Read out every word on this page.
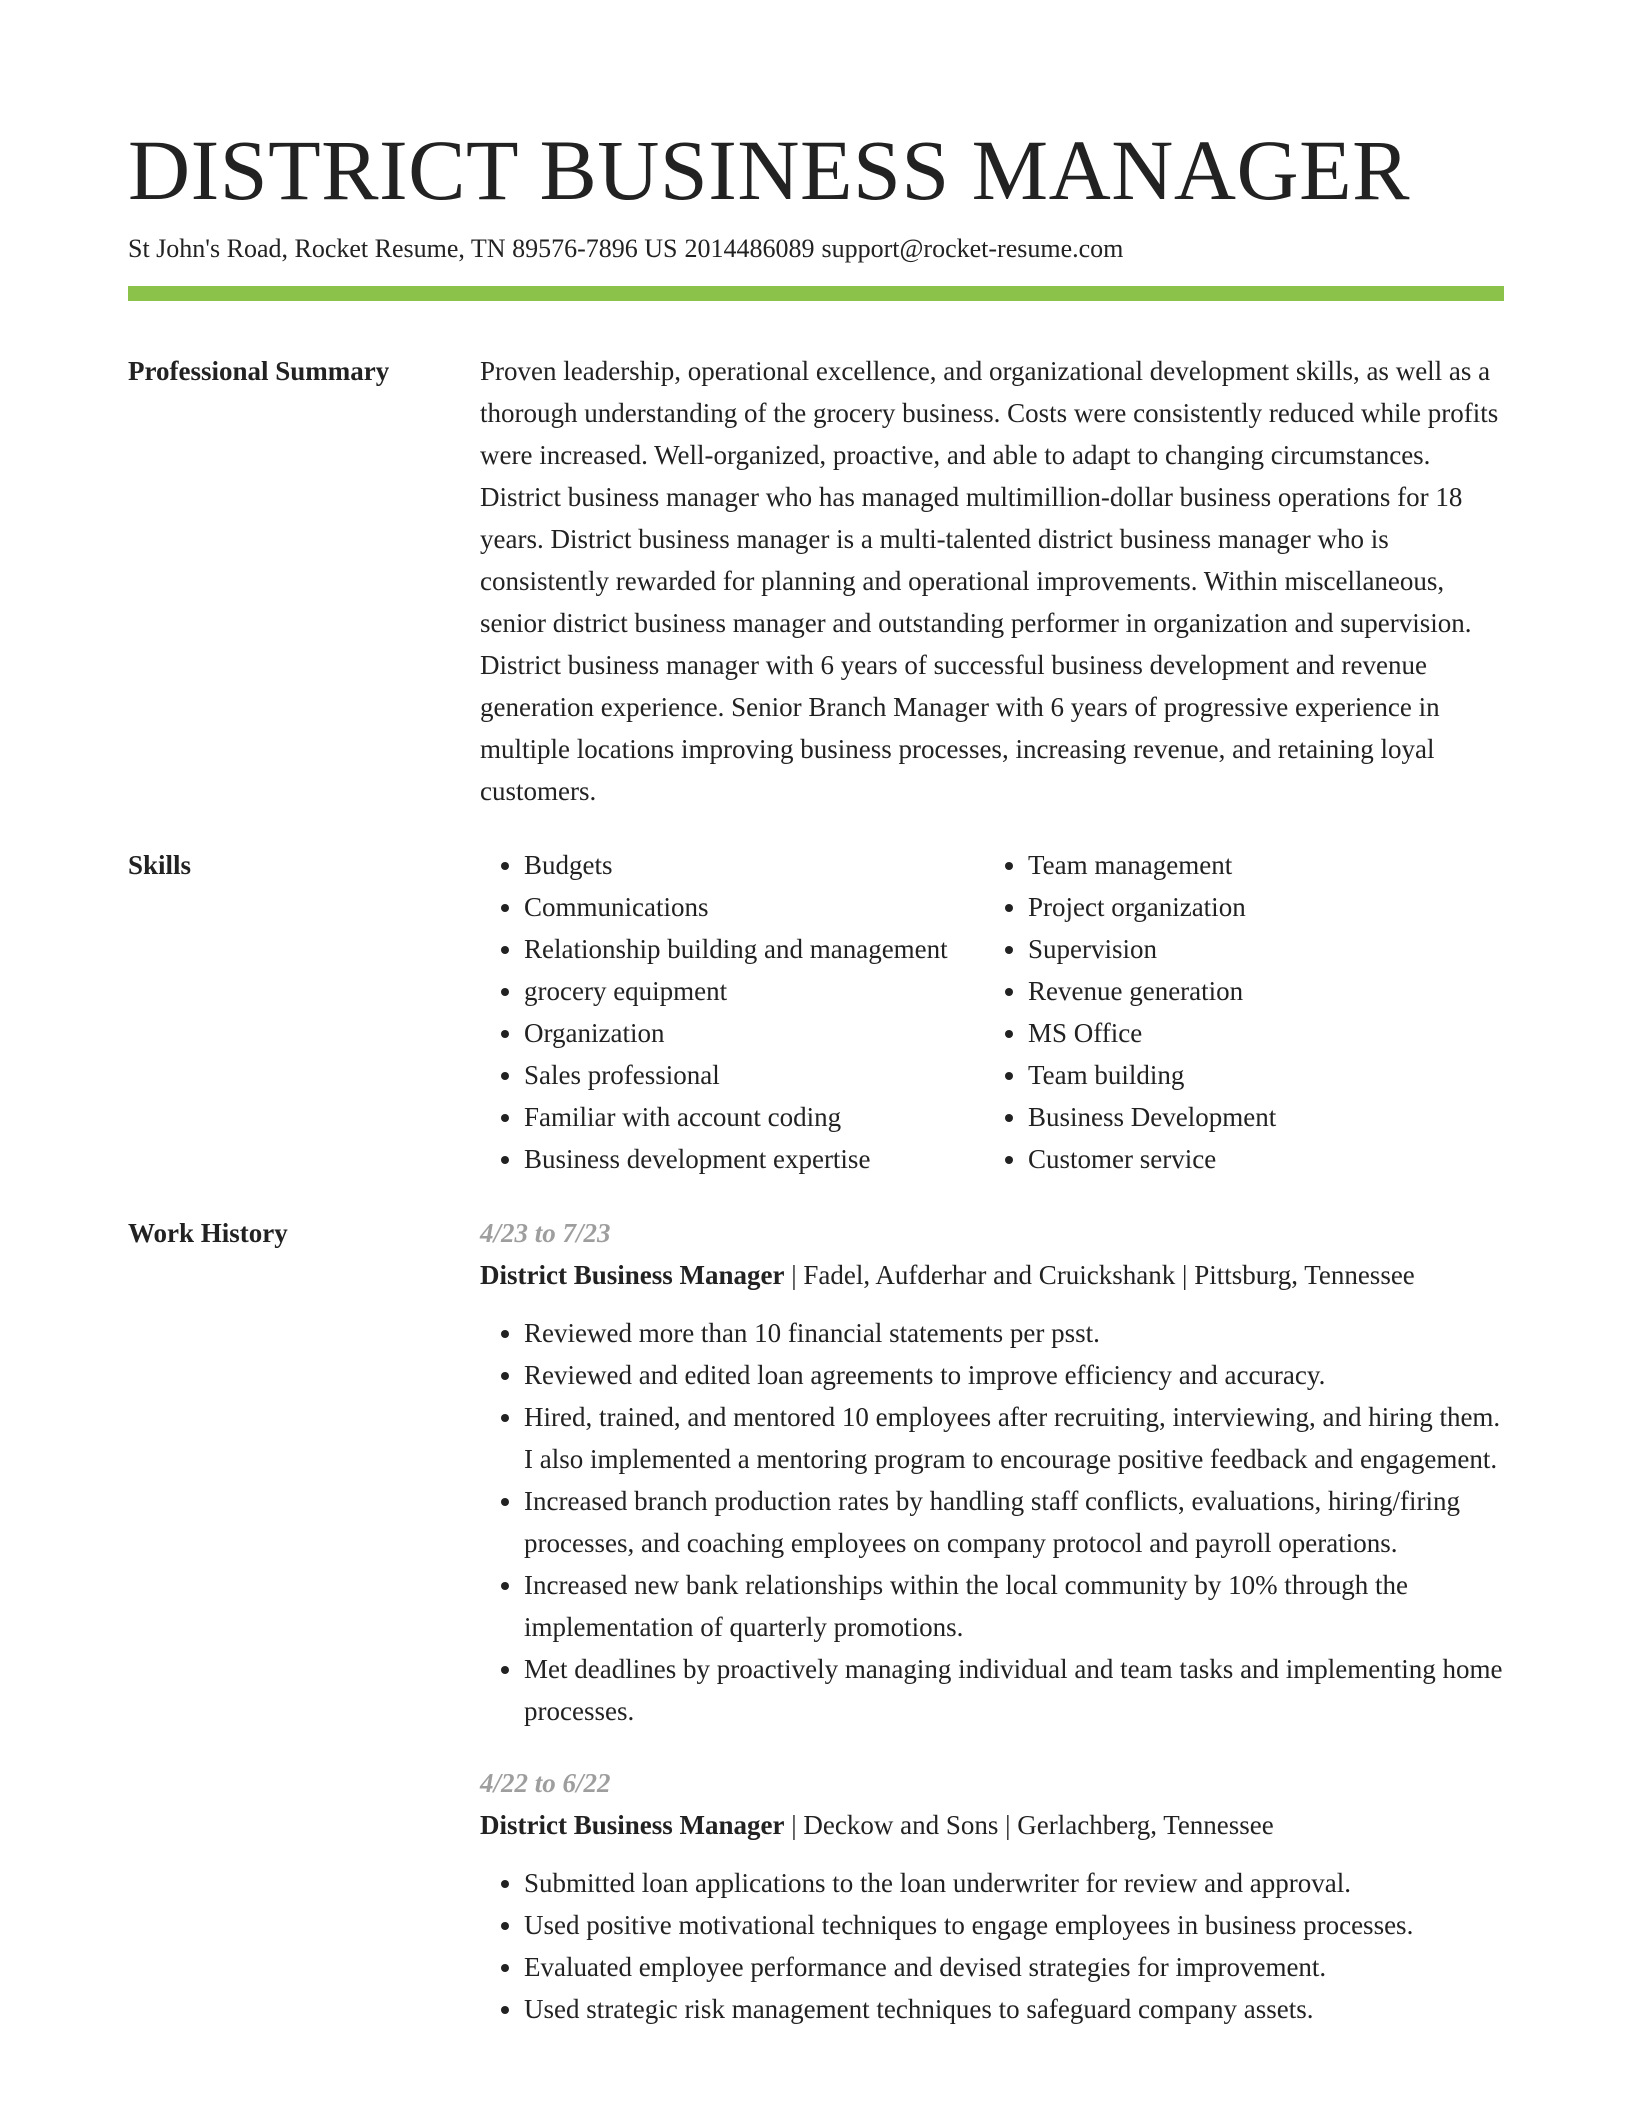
DISTRICT BUSINESS MANAGER
St John's Road, Rocket Resume, TN 89576-7896 US 2014486089 support@rocket-resume.com
Professional Summary	Proven leadership, operational excellence, and organizational development skills, as well as a thorough understanding of the grocery business. Costs were consistently reduced while profits were increased. Well-organized, proactive, and able to adapt to changing circumstances. District business manager who has managed multimillion-dollar business operations for 18 years. District business manager is a multi-talented district business manager who is consistently rewarded for planning and operational improvements. Within miscellaneous, senior district business manager and outstanding performer in organization and supervision. District business manager with 6 years of successful business development and revenue generation experience. Senior Branch Manager with 6 years of progressive experience in multiple locations improving business processes, increasing revenue, and retaining loyal customers.

Skills
•	Budgets
• Communications
• Relationship building and management
• grocery equipment
• Organization
• Sales professional
• Familiar with account coding
• Business development expertise
• Team management
• Project organization
• Supervision
• Revenue generation
• MS Office
• Team building
• Business Development
• Customer service
Work History	4/23 to 7/23
District Business Manager | Fadel, Aufderhar and Cruickshank | Pittsburg, Tennessee
• Reviewed more than 10 financial statements per psst.
• Reviewed and edited loan agreements to improve efficiency and accuracy.
• Hired, trained, and mentored 10 employees after recruiting, interviewing, and hiring them. I also implemented a mentoring program to encourage positive feedback and engagement.
• Increased branch production rates by handling staff conflicts, evaluations, hiring/firing processes, and coaching employees on company protocol and payroll operations.
• Increased new bank relationships within the local community by 10% through the implementation of quarterly promotions.
• Met deadlines by proactively managing individual and team tasks and implementing home processes.
4/22 to 6/22
District Business Manager | Deckow and Sons | Gerlachberg, Tennessee
• Submitted loan applications to the loan underwriter for review and approval.
• Used positive motivational techniques to engage employees in business processes.
• Evaluated employee performance and devised strategies for improvement.
• Used strategic risk management techniques to safeguard company assets.
